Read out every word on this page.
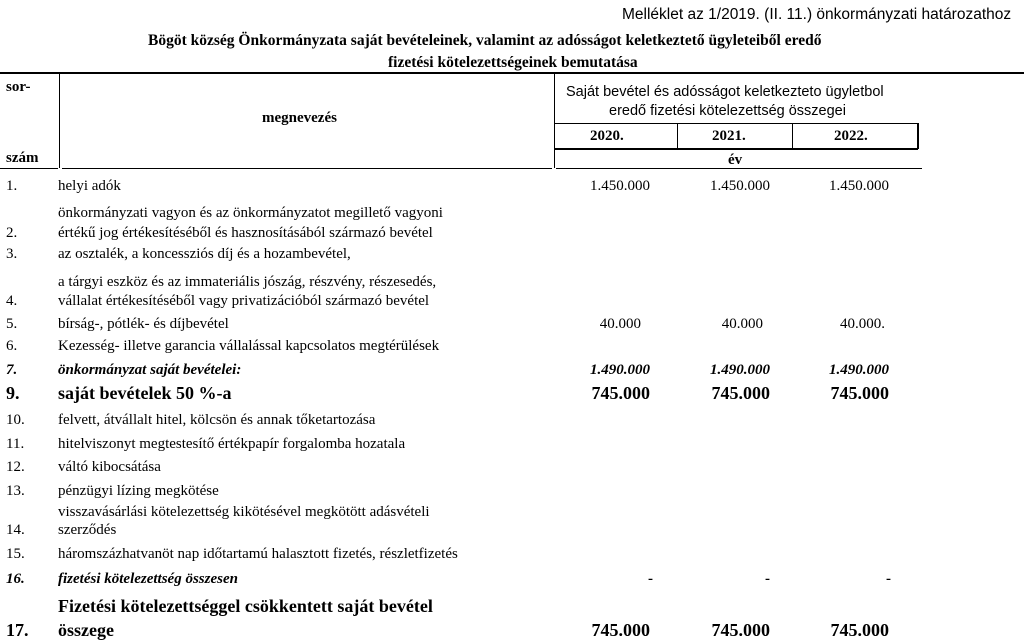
Melléklet az 1/2019. (II. 11.) önkormányzati határozathoz
Bögöt község Önkormányzata saját bevételeinek, valamint az adósságot keletkeztető ügyleteiből eredő
fizetési kötelezettségeinek bemutatása
sor-
szám
megnevezés
Saját bevétel és adósságot keletkezteto ügyletbol
eredő fizetési kötelezettség összegei
2020.	2021.	2022.
év
1.	helyi adók	1.450.000	1.450.000	1.450.000
önkormányzati vagyon és az önkormányzatot megillető vagyoni
2.	értékű jog értékesítéséből és hasznosításából származó bevétel
3.	az osztalék, a koncessziós díj és a hozambevétel,
a tárgyi eszköz és az immateriális jószág, részvény, részesedés,
4.	vállalat értékesítéséből vagy privatizációból származó bevétel
5.	bírság-, pótlék- és díjbevétel	40.000	40.000	40.000.
6.	Kezesség- illetve garancia vállalással kapcsolatos megtérülések
7.	önkormányzat saját bevételei:	1.490.000	1.490.000	1.490.000
9. saját bevételek 50 %-a	745.000	745.000	745.000
10. felvett, átvállalt hitel, kölcsön és annak tőketartozása
11. hitelviszonyt megtestesítő értékpapír forgalomba hozatala
12. váltó kibocsátása
13. pénzügyi lízing megkötése
visszavásárlási kötelezettség kikötésével megkötött adásvételi
14. szerződés
15. háromszázhatvanöt nap időtartamú halasztott fizetés, részletfizetés
16. fizetési kötelezettség összesen	-	-	-
Fizetési kötelezettséggel csökkentett saját bevétel
17. összege	745.000	745.000	745.000
